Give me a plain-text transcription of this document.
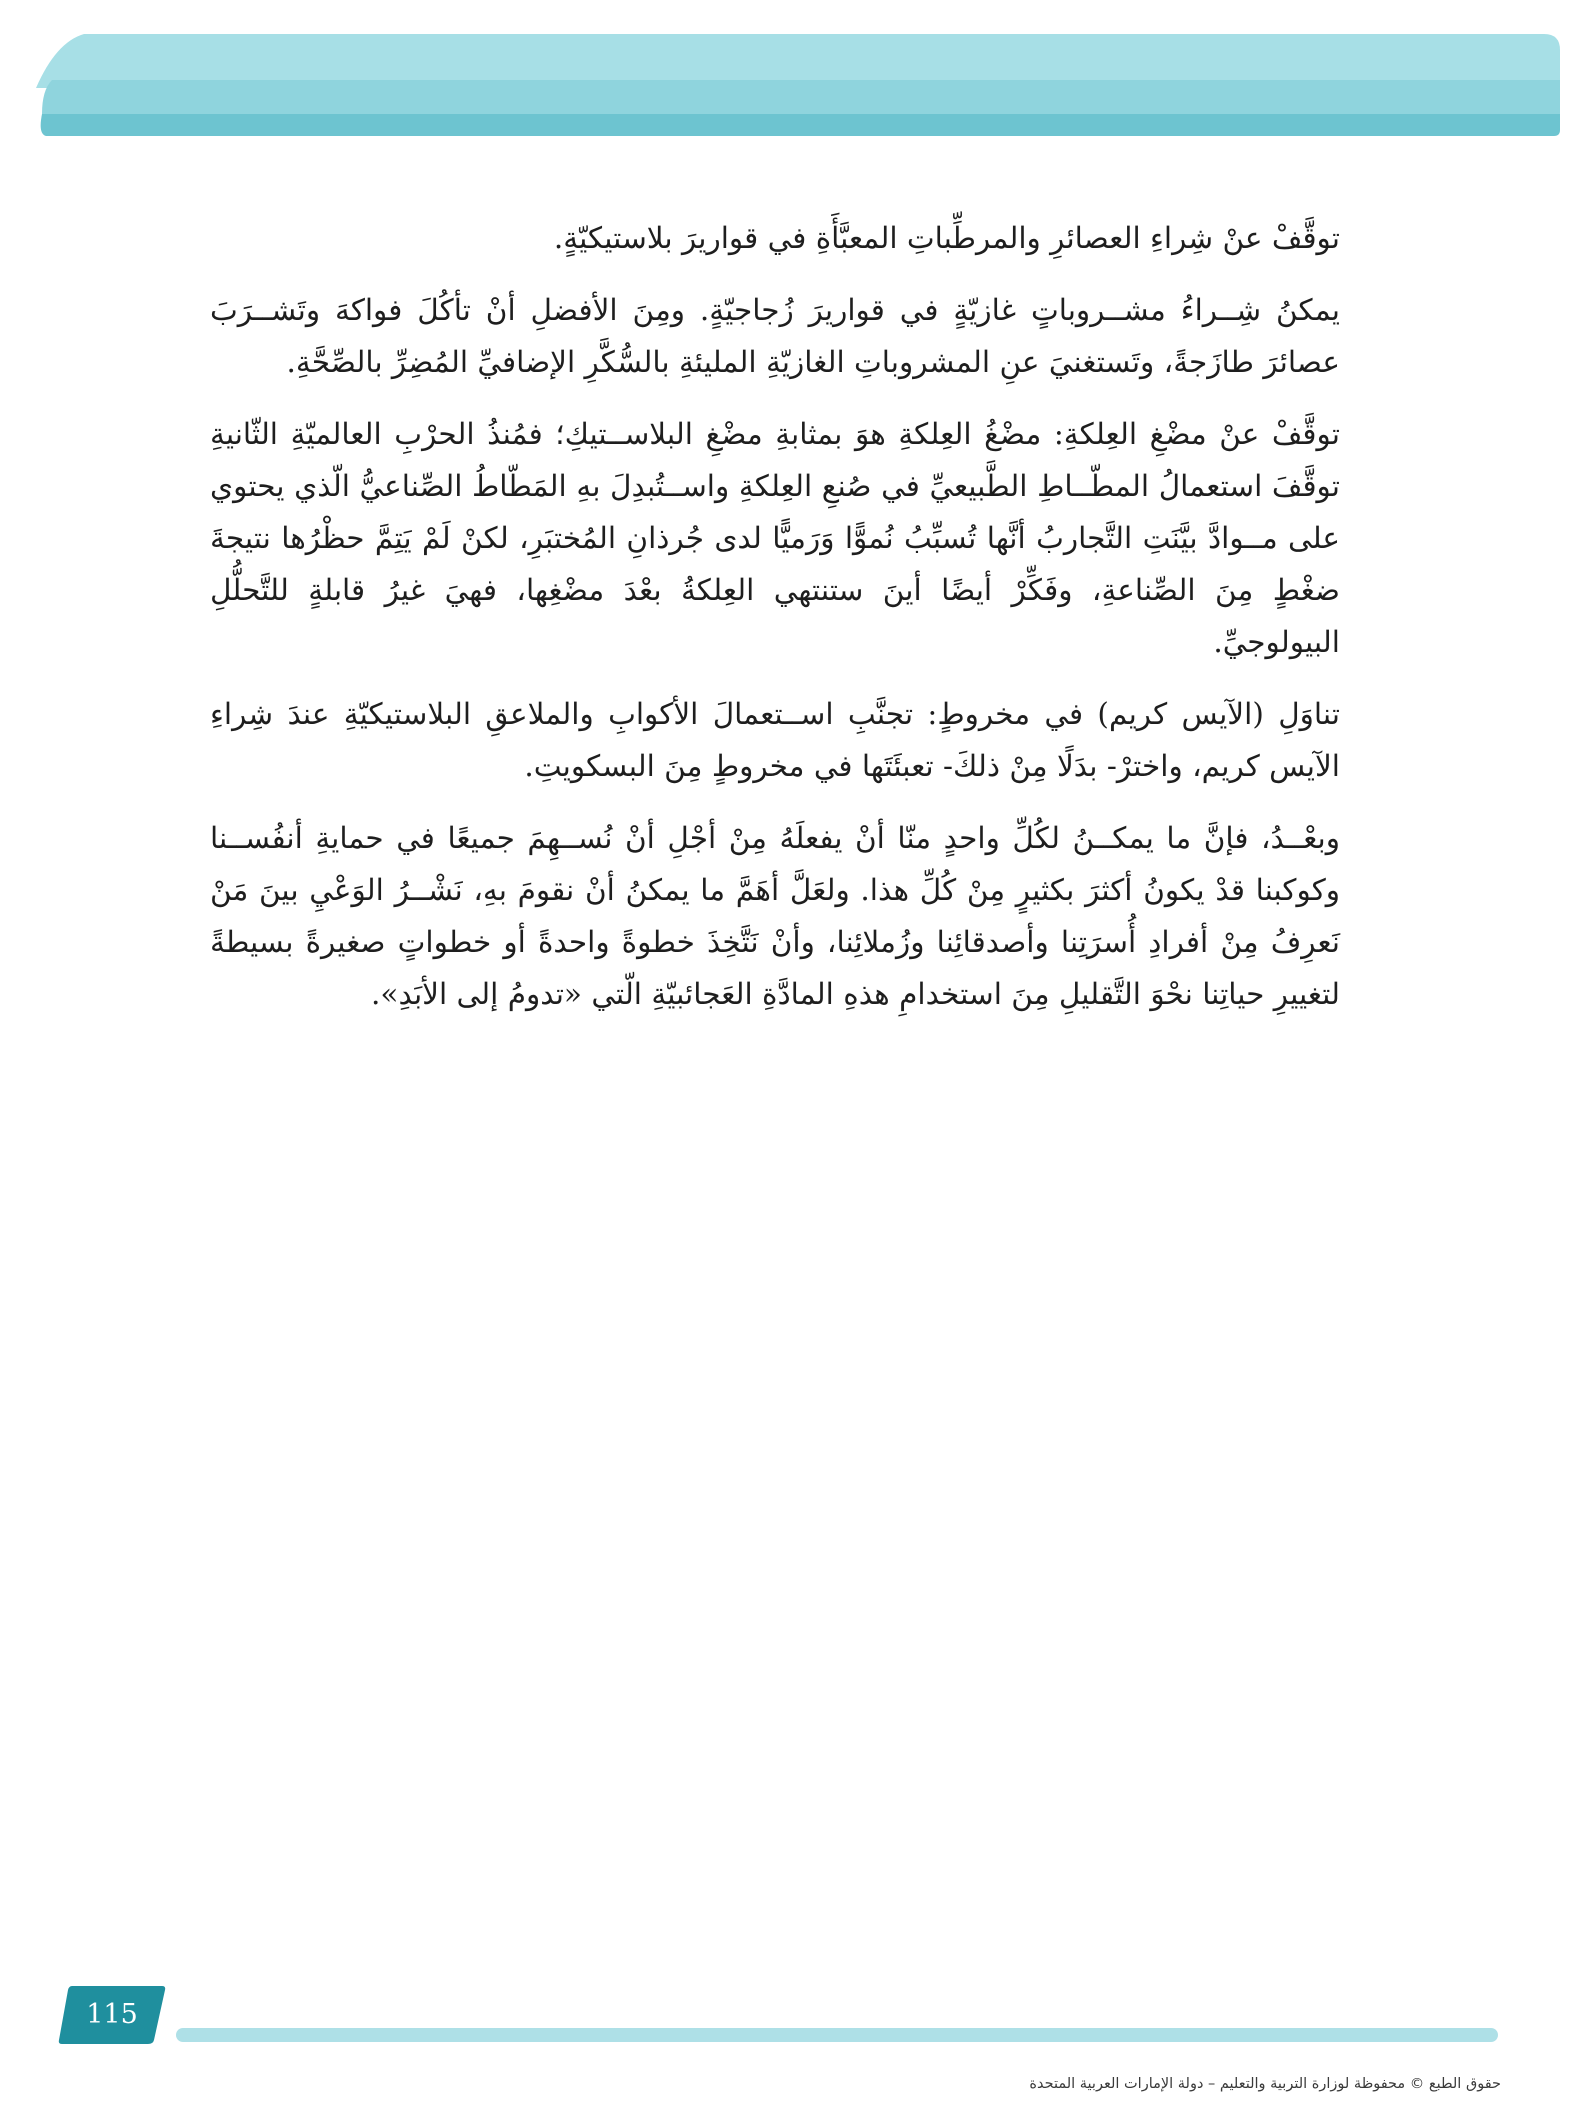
توقَّفْ عنْ شِراءِ العصائرِ والمرطِّباتِ المعبَّأَةِ في قواريرَ بلاستيكيّةٍ.

يمكنُ شِــراءُ مشــروباتٍ غازيّةٍ في قواريرَ زُجاجيّةٍ. ومِنَ الأفضلِ أنْ تأكُلَ فواكهَ وتَشــرَبَ عصائرَ طازَجةً، وتَستغنيَ عنِ المشروباتِ الغازيّةِ المليئةِ بالسُّكَّرِ الإضافيِّ المُضِرِّ بالصِّحَّةِ.

توقَّفْ عنْ مضْغِ العِلكةِ: مضْغُ العِلكةِ هوَ بمثابةِ مضْغِ البلاســتيكِ؛ فمُنذُ الحرْبِ العالميّةِ الثّانيةِ توقَّفَ استعمالُ المطّــاطِ الطَّبيعيِّ في صُنعِ العِلكةِ واســتُبدِلَ بهِ المَطّاطُ الصِّناعيُّ الّذي يحتوي على مــوادَّ بيَّنَتِ التَّجاربُ أنَّها تُسبِّبُ نُموًّا وَرَميًّا لدى جُرذانِ المُختبَرِ، لكنْ لَمْ يَتِمَّ حظْرُها نتيجةَ ضغْطٍ مِنَ الصِّناعةِ، وفَكِّرْ أيضًا أينَ ستنتهي العِلكةُ بعْدَ مضْغِها، فهيَ غيرُ قابلةٍ للتَّحلُّلِ البيولوجيِّ.

تناوَلِ (الآيس كريم) في مخروطٍ: تجنَّبِ اســتعمالَ الأكوابِ والملاعقِ البلاستيكيّةِ عندَ شِراءِ الآيس كريم، واخترْ- بدَلًا مِنْ ذلكَ- تعبئَتَها في مخروطٍ مِنَ البسكويتِ.

وبعْــدُ، فإنَّ ما يمكــنُ لكُلِّ واحدٍ منّا أنْ يفعلَهُ مِنْ أجْلِ أنْ نُســهِمَ جميعًا في حمايةِ أنفُســنا وكوكبنا قدْ يكونُ أكثرَ بكثيرٍ مِنْ كُلِّ هذا. ولعَلَّ أهَمَّ ما يمكنُ أنْ نقومَ بهِ، نَشْــرُ الوَعْيِ بينَ مَنْ نَعرِفُ مِنْ أفرادِ أُسرَتِنا وأصدقائِنا وزُملائِنا، وأنْ نَتَّخِذَ خطوةً واحدةً أو خطواتٍ صغيرةً بسيطةً لتغييرِ حياتِنا نحْوَ التَّقليلِ مِنَ استخدامِ هذهِ المادَّةِ العَجائبيّةِ الّتي «تدومُ إلى الأبَدِ».

115
حقوق الطبع © محفوظة لوزارة التربية والتعليم – دولة الإمارات العربية المتحدة
